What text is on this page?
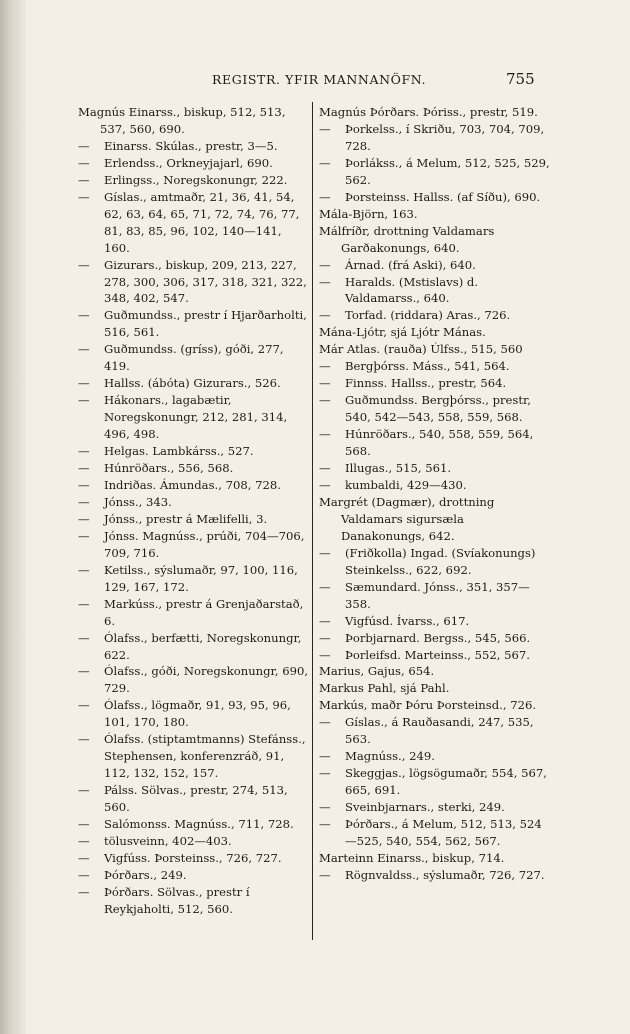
REGISTR. YFIR MANNANÖFN.	755

Magnús Einarss., biskup, 512, 513, 537, 560, 690.

— Einarss. Skúlas., prestr, 3—5.

— Erlendss., Orkneyjajarl, 690.

— Erlingss., Noregskonungr, 222.

— Gíslas., amtmaðr, 21, 36, 41, 54, 62, 63, 64, 65, 71, 72, 74, 76, 77, 81, 83, 85, 96, 102, 140—141, 160.

— Gizurars., biskup, 209, 213, 227, 278, 300, 306, 317, 318, 321, 322, 348, 402, 547.

— Guðmundss., prestr í Hjarðarholti, 516, 561.

— Guðmundss. (gríss), góði, 277, 419.

— Hallss. (ábóta) Gizurars., 526.

— Hákonars., lagabætir, Noregskonungr, 212, 281, 314, 496, 498.

— Helgas. Lambkárss., 527.

— Húnröðars., 556, 568.

— Indriðas. Ámundas., 708, 728.

— Jónss., 343.

— Jónss., prestr á Mælifelli, 3.

— Jónss. Magnúss., prúði, 704—706, 709, 716.

— Ketilss., sýslumaðr, 97, 100, 116, 129, 167, 172.

— Markúss., prestr á Grenjaðarstað, 6.

— Ólafss., berfætti, Noregskonungr, 622.

— Ólafss., góði, Noregskonungr, 690, 729.

— Ólafss., lögmaðr, 91, 93, 95, 96, 101, 170, 180.

— Ólafss. (stiptamtmanns) Stefánss., Stephensen, konferenzráð, 91, 112, 132, 152, 157.

— Pálss. Sölvas., prestr, 274, 513, 560.

— Salómonss. Magnúss., 711, 728.

— tölusveinn, 402—403.

— Vigfúss. Þorsteinss., 726, 727.

— Þórðars., 249.

— Þórðars. Sölvas., prestr í Reykjaholti, 512, 560.

Magnús Þórðars. Þóriss., prestr, 519.

— Þorkelss., í Skriðu, 703, 704, 709, 728.

— Þorlákss., á Melum, 512, 525, 529, 562.

— Þorsteinss. Hallss. (af Síðu), 690.

Mála-Björn, 163.

Málfríðr, drottning Valdamars Garðakonungs, 640.

— Árnad. (frá Aski), 640.

— Haralds. (Mstislavs) d. Valdamarss., 640.

— Torfad. (riddara) Aras., 726.

Mána-Ljótr, sjá Ljótr Mánas.

Már Atlas. (rauða) Úlfss., 515, 560

— Bergþórss. Máss., 541, 564.

— Finnss. Hallss., prestr, 564.

— Guðmundss. Bergþórss., prestr, 540, 542—543, 558, 559, 568.

— Húnröðars., 540, 558, 559, 564, 568.

— Illugas., 515, 561.

— kumbaldi, 429—430.

Margrét (Dagmær), drottning Valdamars sigursæla Danakonungs, 642.

— (Friðkolla) Ingad. (Svíakonungs) Steinkelss., 622, 692.

— Sæmundard. Jónss., 351, 357—358.

— Vigfúsd. Ívarss., 617.

— Þorbjarnard. Bergss., 545, 566.

— Þorleifsd. Marteinss., 552, 567.

Marius, Gajus, 654.

Markus Pahl, sjá Pahl.

Markús, maðr Þóru Þorsteinsd., 726.

— Gíslas., á Rauðasandi, 247, 535, 563.

— Magnúss., 249.

— Skeggjas., lögsögumaðr, 554, 567, 665, 691.

— Sveinbjarnars., sterki, 249.

— Þórðars., á Melum, 512, 513, 524—525, 540, 554, 562, 567.

Marteinn Einarss., biskup, 714.

— Rögnvaldss., sýslumaðr, 726, 727.
